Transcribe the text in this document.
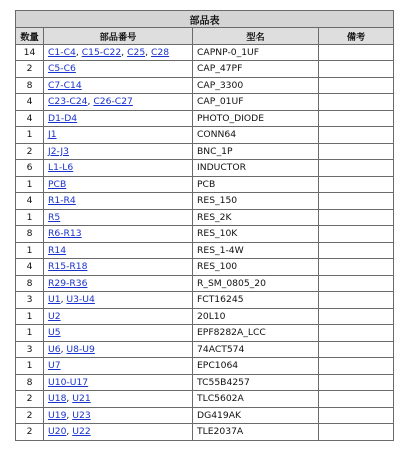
部品表			
数量	部品番号	型名	備考
14	C1-C4, C15-C22, C25, C28	CAPNP-0_1UF	
2	C5-C6	CAP_47PF	
8	C7-C14	CAP_3300	
4	C23-C24, C26-C27	CAP_01UF	
4	D1-D4	PHOTO_DIODE	
1	J1	CONN64	
2	J2-J3	BNC_1P	
6	L1-L6	INDUCTOR	
1	PCB	PCB	
4	R1-R4	RES_150	
1	R5	RES_2K	
8	R6-R13	RES_10K	
1	R14	RES_1-4W	
4	R15-R18	RES_100	
8	R29-R36	R_SM_0805_20	
3	U1, U3-U4	FCT16245	
1	U2	20L10	
1	U5	EPF8282A_LCC	
3	U6, U8-U9	74ACT574	
1	U7	EPC1064	
8	U10-U17	TC55B4257	
2	U18, U21	TLC5602A	
2	U19, U23	DG419AK	
2	U20, U22	TLE2037A	
